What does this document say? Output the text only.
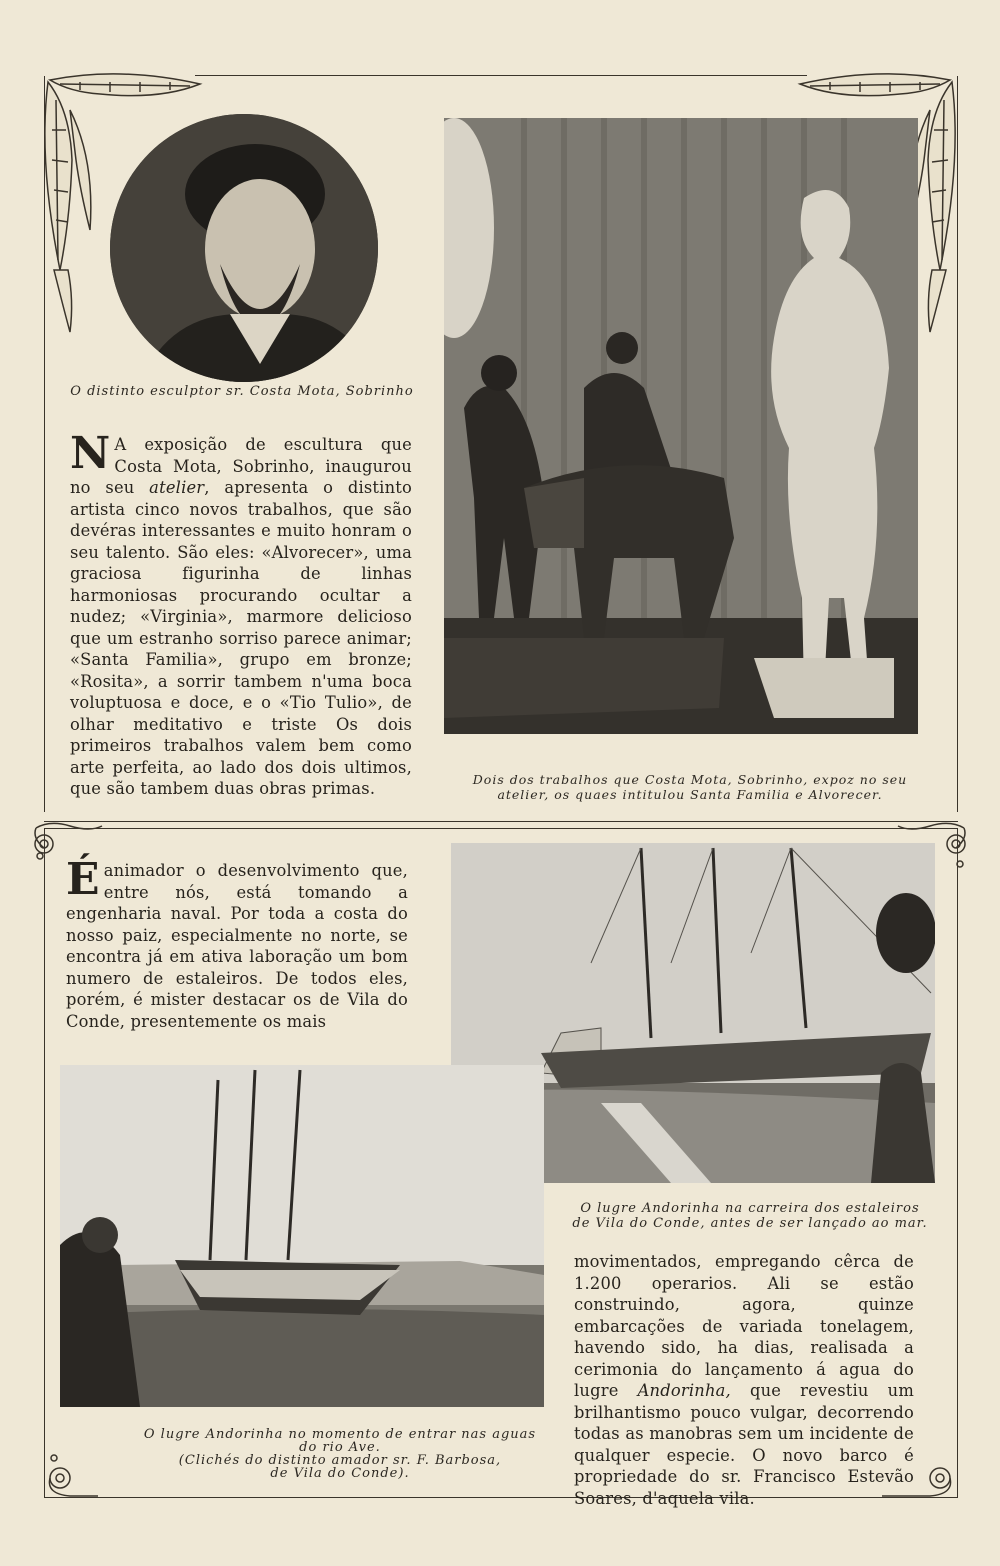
O distinto esculptor sr. Costa Mota, Sobrinho

N A exposição de escultura que Costa Mota, Sobrinho, inaugurou no seu atelier, apresenta o distinto artista cinco novos trabalhos, que são devéras interessantes e muito honram o seu talento. São eles: «Alvorecer», uma graciosa figurinha de linhas harmoniosas procurando ocultar a nudez; «Virginia», marmore delicioso que um estranho sorriso parece animar; «Santa Familia», grupo em bronze; «Rosita», a sorrir tambem n'uma boca voluptuosa e doce, e o «Tio Tulio», de olhar meditativo e triste Os dois primeiros trabalhos valem bem como arte perfeita, ao lado dos dois ultimos, que são tambem duas obras primas.	Dois dos trabalhos que Costa Mota, Sobrinho, expoz no seu
atelier, os quaes intitulou Santa Familia e Alvorecer.

Éanimador o desenvolvimento que, entre nós, está tomando a engenharia naval. Por toda a costa do nosso paiz, especialmente no norte, se encontra já em ativa laboração um bom numero de estaleiros. De todos eles, porém, é mister destacar os de Vila do Conde, presentemente os mais

O lugre Andorinha na carreira dos estaleiros
de Vila do Conde, antes de ser lançado ao mar.
O lugre Andorinha no momento de entrar nas aguas
do rio Ave.
(Clichés do distinto amador sr. F. Barbosa,
de Vila do Conde).

movimentados, empregando cêrca de 1.200 operarios. Ali se estão construindo, agora, quinze embarcações de variada tonelagem, havendo sido, ha dias, realisada a cerimonia do lançamento á agua do lugre Andorinha, que revestiu um brilhantismo pouco vulgar, decorrendo todas as manobras sem um incidente de qualquer especie. O novo barco é propriedade do sr. Francisco Estevão Soares, d'aquela vila.
